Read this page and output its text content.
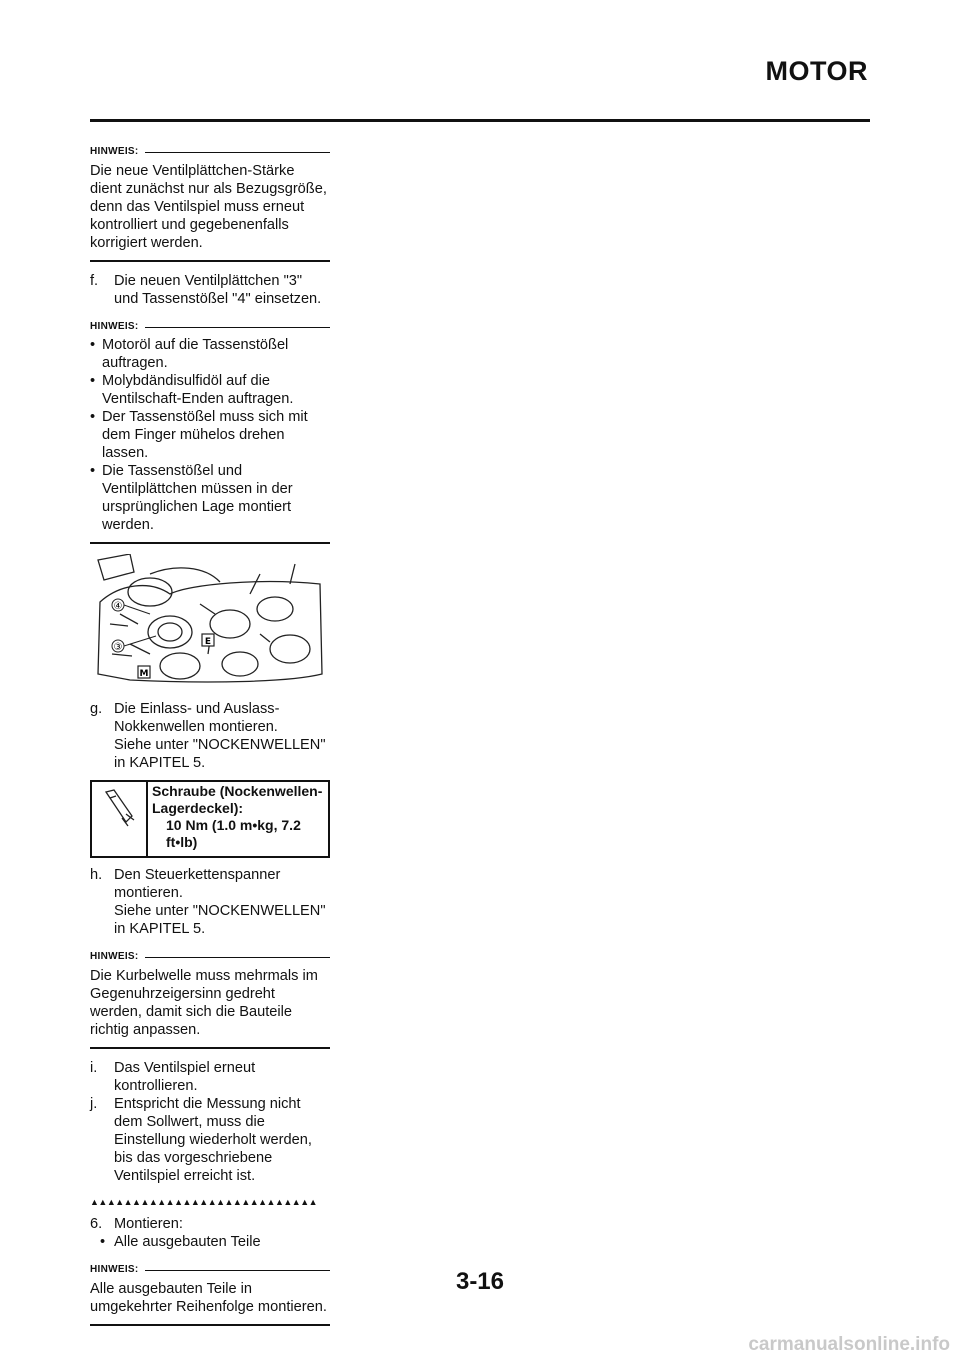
MOTOR
HINWEIS:
Die neue Ventilplättchen-Stärke dient zunächst nur als Bezugsgröße, denn das Ventilspiel muss erneut kontrolliert und gegebenenfalls korrigiert werden.
f.	Die neuen Ventilplättchen "3" und Tassenstößel "4" einsetzen.
HINWEIS:
• Motoröl auf die Tassenstößel auftragen.
• Molybdändisulfidöl auf die Ventilschaft-Enden auftragen.
• Der Tassenstößel muss sich mit dem Finger mühelos drehen lassen.
• Die Tassenstößel und Ventilplättchen müssen in der ursprünglichen Lage montiert werden.
④
③	E
M
g. Die Einlass- und Auslass-Nokkenwellen montieren.
Siehe unter "NOCKENWELLEN" in KAPITEL 5.
Schraube (Nockenwellen- Lagerdeckel):
10 Nm (1.0 m•kg, 7.2 ft•lb)
h. Den Steuerkettenspanner montieren.
Siehe unter "NOCKENWELLEN" in KAPITEL 5.
HINWEIS:
Die Kurbelwelle muss mehrmals im Gegenuhrzeigersinn gedreht werden, damit sich die Bauteile richtig anpassen.
i.	Das Ventilspiel erneut kontrollieren.
j.	Entspricht die Messung nicht dem Sollwert, muss die Einstellung wiederholt werden, bis das vorgeschriebene Ventilspiel erreicht ist.
▲▲▲▲▲▲▲▲▲▲▲▲▲▲▲▲▲▲▲▲▲▲▲▲▲▲▲
6. Montieren:
• Alle ausgebauten Teile
HINWEIS:
Alle ausgebauten Teile in umgekehrter Reihenfolge montieren.
3-16
carmanualsonline.info
